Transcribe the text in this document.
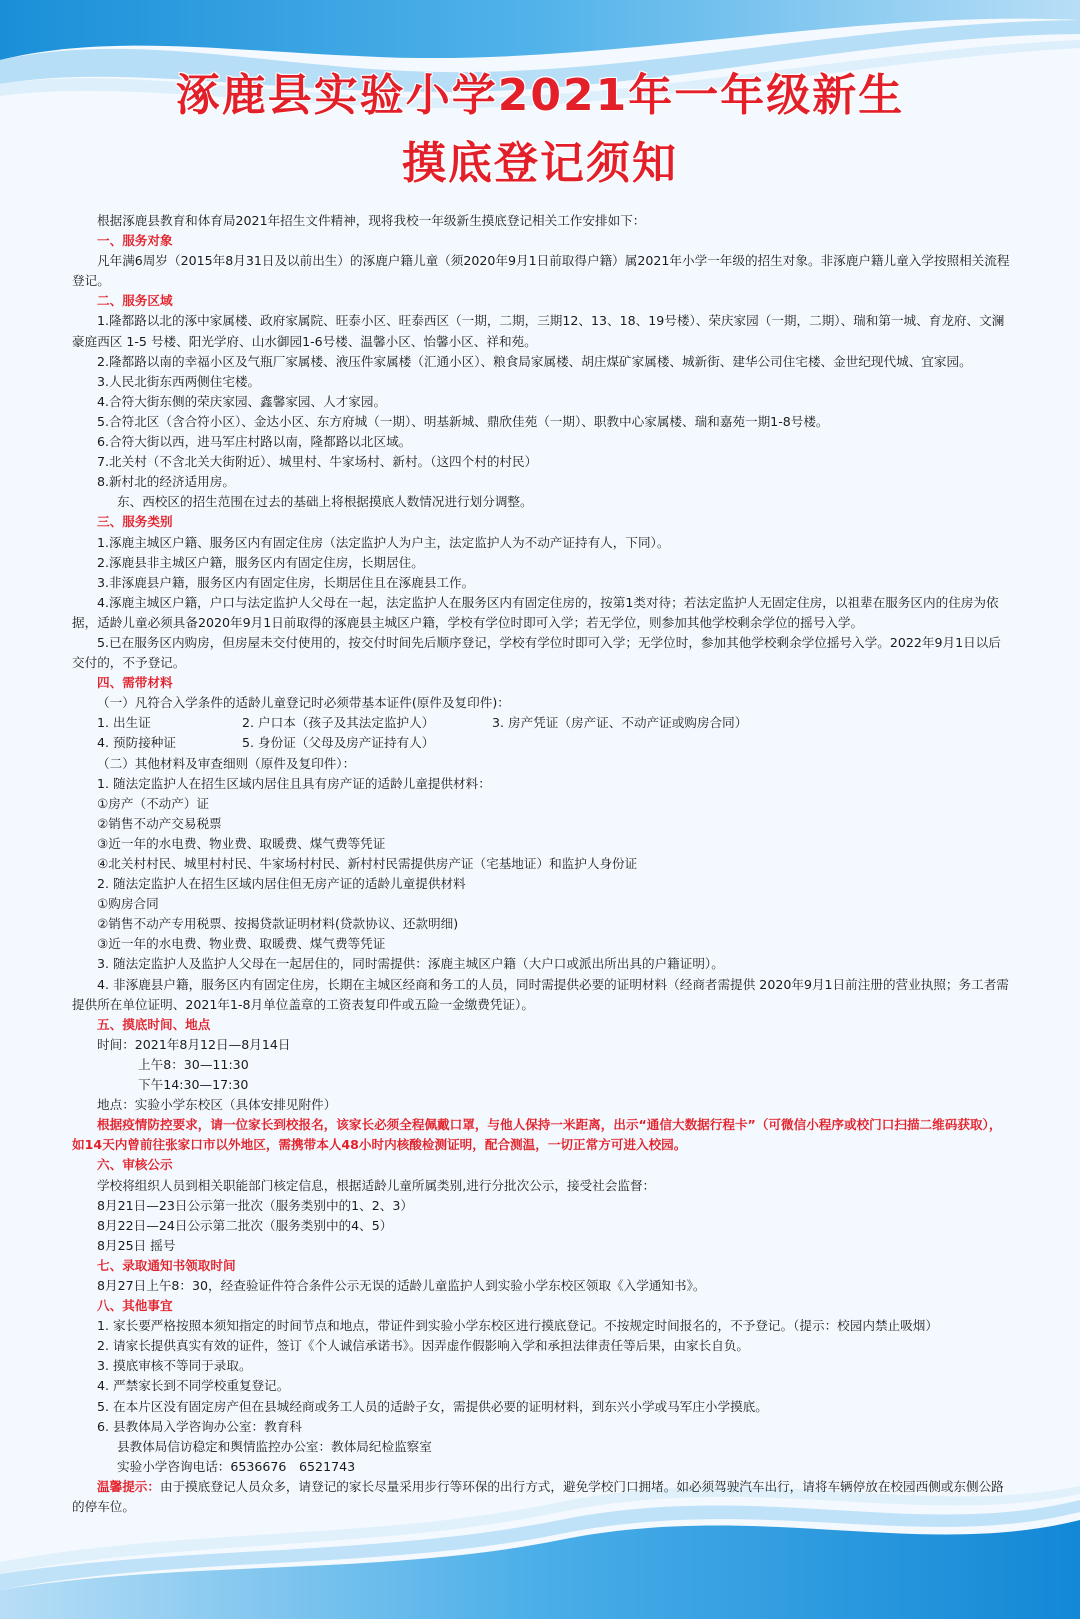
涿鹿县实验小学2021年一年级新生
摸底登记须知

根据涿鹿县教育和体育局2021年招生文件精神，现将我校一年级新生摸底登记相关工作安排如下：

一、服务对象

凡年满6周岁（2015年8月31日及以前出生）的涿鹿户籍儿童（须2020年9月1日前取得户籍）属2021年小学一年级的招生对象。非涿鹿户籍儿童入学按照相关流程登记。

二、服务区域

1.隆都路以北的涿中家属楼、政府家属院、旺泰小区、旺泰西区（一期，二期，三期12、13、18、19号楼）、荣庆家园（一期，二期）、瑞和第一城、育龙府、文澜豪庭西区 1-5 号楼、阳光学府、山水御园1-6号楼、温馨小区、怡馨小区、祥和苑。

2.隆都路以南的幸福小区及气瓶厂家属楼、液压件家属楼（汇通小区）、粮食局家属楼、胡庄煤矿家属楼、城新街、建华公司住宅楼、金世纪现代城、宜家园。

3.人民北街东西两侧住宅楼。

4.合符大街东侧的荣庆家园、鑫馨家园、人才家园。

5.合符北区（含合符小区）、金达小区、东方府城（一期）、明基新城、鼎欣佳苑（一期）、职教中心家属楼、瑞和嘉苑一期1-8号楼。

6.合符大街以西，进马军庄村路以南，隆都路以北区域。

7.北关村（不含北关大街附近）、城里村、牛家场村、新村。（这四个村的村民）

8.新村北的经济适用房。

东、西校区的招生范围在过去的基础上将根据摸底人数情况进行划分调整。

三、服务类别

1.涿鹿主城区户籍、服务区内有固定住房（法定监护人为户主，法定监护人为不动产证持有人，下同）。

2.涿鹿县非主城区户籍，服务区内有固定住房，长期居住。

3.非涿鹿县户籍，服务区内有固定住房，长期居住且在涿鹿县工作。

4.涿鹿主城区户籍，户口与法定监护人父母在一起，法定监护人在服务区内有固定住房的，按第1类对待；若法定监护人无固定住房，以祖辈在服务区内的住房为依据，适龄儿童必须具备2020年9月1日前取得的涿鹿县主城区户籍，学校有学位时即可入学；若无学位，则参加其他学校剩余学位的摇号入学。

5.已在服务区内购房，但房屋未交付使用的，按交付时间先后顺序登记，学校有学位时即可入学；无学位时，参加其他学校剩余学位摇号入学。2022年9月1日以后交付的，不予登记。

四、需带材料

（一）凡符合入学条件的适龄儿童登记时必须带基本证件(原件及复印件)：

1. 出生证	2. 户口本（孩子及其法定监护人）	3. 房产凭证（房产证、不动产证或购房合同）

4. 预防接种证	5. 身份证（父母及房产证持有人）

（二）其他材料及审查细则（原件及复印件）：

1. 随法定监护人在招生区域内居住且具有房产证的适龄儿童提供材料：

①房产（不动产）证

②销售不动产交易税票

③近一年的水电费、物业费、取暖费、煤气费等凭证

④北关村村民、城里村村民、牛家场村村民、新村村民需提供房产证（宅基地证）和监护人身份证

2. 随法定监护人在招生区域内居住但无房产证的适龄儿童提供材料

①购房合同

②销售不动产专用税票、按揭贷款证明材料(贷款协议、还款明细)

③近一年的水电费、物业费、取暖费、煤气费等凭证

3. 随法定监护人及监护人父母在一起居住的，同时需提供：涿鹿主城区户籍（大户口或派出所出具的户籍证明）。

4. 非涿鹿县户籍，服务区内有固定住房，长期在主城区经商和务工的人员，同时需提供必要的证明材料（经商者需提供 2020年9月1日前注册的营业执照；务工者需提供所在单位证明、2021年1-8月单位盖章的工资表复印件或五险一金缴费凭证）。

五、摸底时间、地点

时间：2021年8月12日—8月14日

上午8：30—11:30

下午14:30—17:30

地点：实验小学东校区（具体安排见附件）

根据疫情防控要求，请一位家长到校报名，该家长必须全程佩戴口罩，与他人保持一米距离，出示“通信大数据行程卡”（可微信小程序或校门口扫描二维码获取），如14天内曾前往张家口市以外地区，需携带本人48小时内核酸检测证明，配合测温，一切正常方可进入校园。

六、审核公示

学校将组织人员到相关职能部门核定信息，根据适龄儿童所属类别,进行分批次公示，接受社会监督：

8月21日—23日公示第一批次（服务类别中的1、2、3）

8月22日—24日公示第二批次（服务类别中的4、5）

8月25日 摇号

七、录取通知书领取时间

8月27日上午8：30，经查验证件符合条件公示无误的适龄儿童监护人到实验小学东校区领取《入学通知书》。

八、其他事宜

1. 家长要严格按照本须知指定的时间节点和地点，带证件到实验小学东校区进行摸底登记。不按规定时间报名的，不予登记。（提示：校园内禁止吸烟）

2. 请家长提供真实有效的证件，签订《个人诚信承诺书》。因弄虚作假影响入学和承担法律责任等后果，由家长自负。

3. 摸底审核不等同于录取。

4. 严禁家长到不同学校重复登记。

5. 在本片区没有固定房产但在县城经商或务工人员的适龄子女，需提供必要的证明材料，到东兴小学或马军庄小学摸底。

6. 县教体局入学咨询办公室：教育科

县教体局信访稳定和舆情监控办公室：教体局纪检监察室

实验小学咨询电话：6536676　6521743

温馨提示：由于摸底登记人员众多，请登记的家长尽量采用步行等环保的出行方式，避免学校门口拥堵。如必须驾驶汽车出行，请将车辆停放在校园西侧或东侧公路的停车位。
